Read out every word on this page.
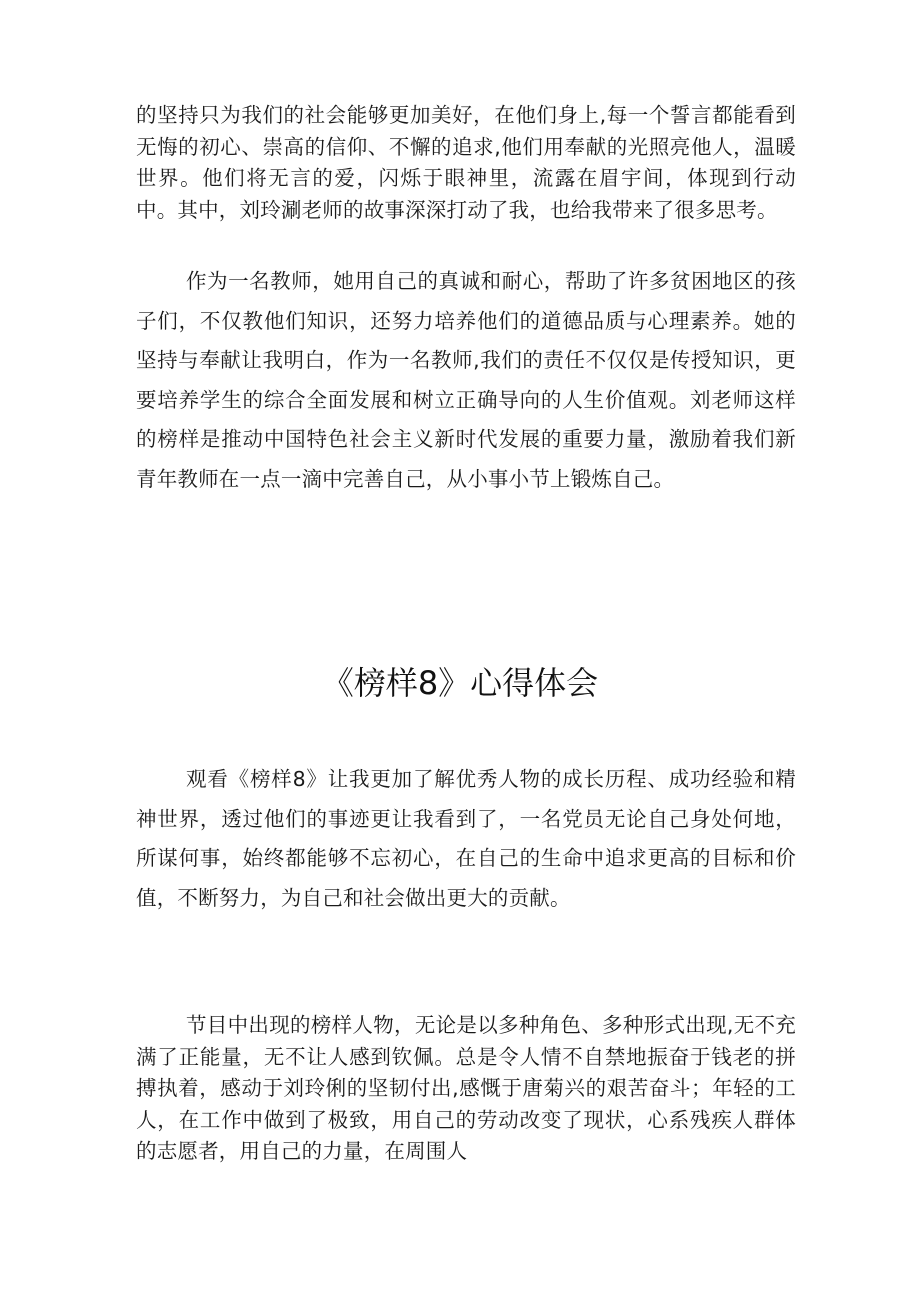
的坚持只为我们的社会能够更加美好，在他们身上,每一个誓言都能看到无悔的初心、崇高的信仰、不懈的追求,他们用奉献的光照亮他人，温暖世界。他们将无言的爱，闪烁于眼神里，流露在眉宇间，体现到行动中。其中，刘玲涮老师的故事深深打动了我，也给我带来了很多思考。

作为一名教师，她用自己的真诚和耐心，帮助了许多贫困地区的孩子们，不仅教他们知识，还努力培养他们的道德品质与心理素养。她的坚持与奉献让我明白，作为一名教师,我们的责任不仅仅是传授知识，更要培养学生的综合全面发展和树立正确导向的人生价值观。刘老师这样的榜样是推动中国特色社会主义新时代发展的重要力量，激励着我们新青年教师在一点一滴中完善自己，从小事小节上锻炼自己。

《榜样8》心得体会

观看《榜样8》让我更加了解优秀人物的成长历程、成功经验和精神世界，透过他们的事迹更让我看到了，一名党员无论自己身处何地，所谋何事，始终都能够不忘初心，在自己的生命中追求更高的目标和价值，不断努力，为自己和社会做出更大的贡献。

节目中出现的榜样人物，无论是以多种角色、多种形式出现,无不充满了正能量，无不让人感到钦佩。总是令人情不自禁地振奋于钱老的拼搏执着，感动于刘玲俐的坚韧付出,感慨于唐菊兴的艰苦奋斗；年轻的工人，在工作中做到了极致，用自己的劳动改变了现状，心系残疾人群体的志愿者，用自己的力量，在周围人
